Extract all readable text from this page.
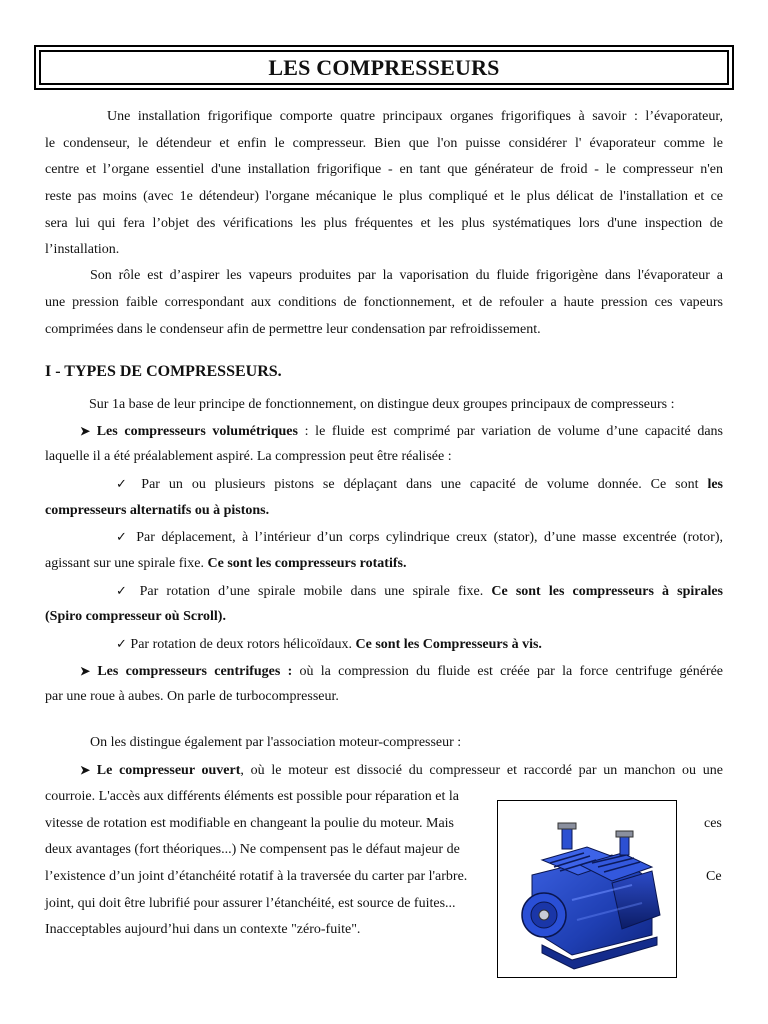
LES COMPRESSEURS
Une installation frigorifique comporte quatre principaux organes frigorifiques à savoir : l’évaporateur,
le condenseur, le détendeur et enfin le compresseur. Bien que l'on puisse considérer l' évaporateur comme le
centre et l’organe essentiel d'une installation frigorifique - en tant que générateur de froid - le compresseur n'en
reste pas moins (avec 1e détendeur) l'organe mécanique le plus compliqué et le plus délicat de l'installation et ce
sera lui qui fera l’objet des vérifications les plus fréquentes et les plus systématiques lors d'une inspection de
l’installation.
Son rôle est d’aspirer les vapeurs produites par la vaporisation du fluide frigorigène dans l'évaporateur a
une pression faible correspondant aux conditions de fonctionnement, et de refouler a haute pression ces vapeurs
comprimées dans le condenseur afin de permettre leur condensation par refroidissement.
I - TYPES DE COMPRESSEURS.
Sur 1a base de leur principe de fonctionnement, on distingue deux groupes principaux de compresseurs :
➤ Les compresseurs volumétriques : le fluide est comprimé par variation de volume d’une capacité dans
laquelle il a été préalablement aspiré. La compression peut être réalisée :
✓ Par un ou plusieurs pistons se déplaçant dans une capacité de volume donnée. Ce sont les
compresseurs alternatifs ou à pistons.
✓ Par déplacement, à l’intérieur d’un corps cylindrique creux (stator), d’une masse excentrée (rotor),
agissant sur une spirale fixe. Ce sont les compresseurs rotatifs.
✓ Par rotation d’une spirale mobile dans une spirale fixe. Ce sont les compresseurs à spirales
(Spiro compresseur où Scroll).
✓ Par rotation de deux rotors hélicoïdaux. Ce sont les Compresseurs à vis.
➤ Les compresseurs centrifuges : où la compression du fluide est créée par la force centrifuge générée
par une roue à aubes. On parle de turbocompresseur.
On les distingue également par l'association moteur-compresseur :
➤ Le compresseur ouvert, où le moteur est dissocié du compresseur et raccordé par un manchon ou une
courroie. L'accès aux différents éléments est possible pour réparation et la
vitesse de rotation est modifiable en changeant la poulie du moteur. Mais
deux avantages (fort théoriques...) Ne compensent pas le défaut majeur de
l’existence d’un joint d’étanchéité rotatif à la traversée du carter par l'arbre.
joint, qui doit être lubrifié pour assurer l’étanchéité, est source de fuites...
Inacceptables aujourd’hui dans un contexte "zéro-fuite".
ces
Ce
